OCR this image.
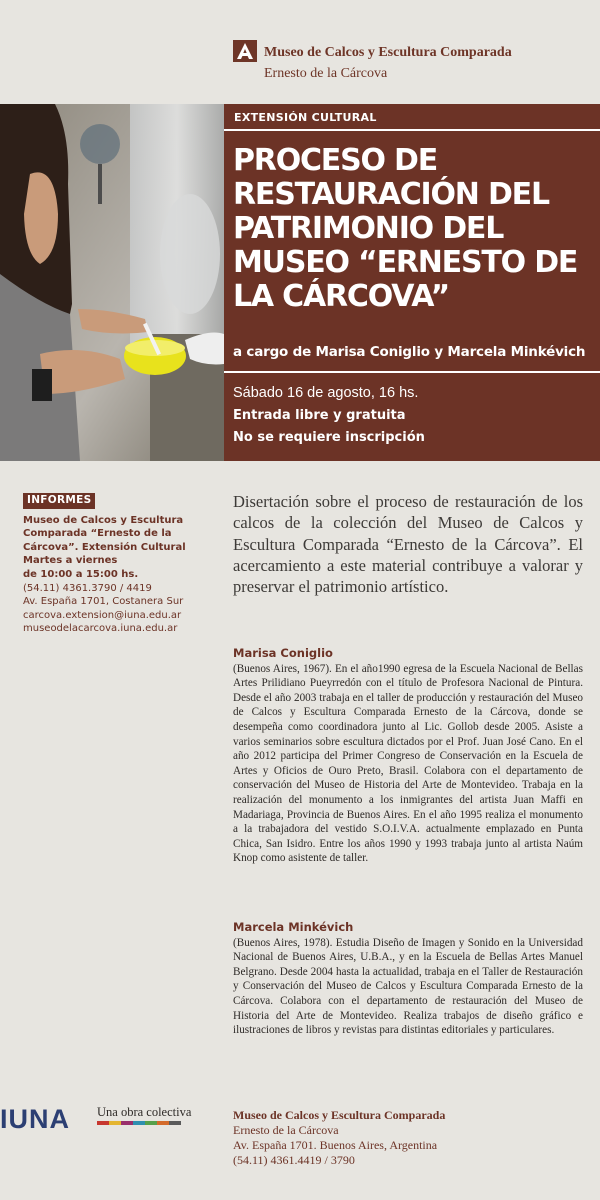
Museo de Calcos y Escultura Comparada
Ernesto de la Cárcova
EXTENSIÓN CULTURAL
PROCESO DE RESTAURACIÓN DEL PATRIMONIO DEL MUSEO “ERNESTO DE LA CÁRCOVA”
a cargo de Marisa Coniglio y Marcela Minkévich
Sábado 16 de agosto, 16 hs.
Entrada libre y gratuita
No se requiere inscripción
INFORMES

Museo de Calcos y Escultura

Comparada “Ernesto de la

Cárcova”. Extensión Cultural

Martes a viernes

de 10:00 a 15:00 hs.

(54.11) 4361.3790 / 4419

Av. España 1701, Costanera Sur

carcova.extension@iuna.edu.ar

museodelacarcova.iuna.edu.ar

Disertación sobre el proceso de restauración de los calcos de la colección del Museo de Calcos y Escultura Comparada “Ernesto de la Cárcova”. El acercamiento a este material contribuye a valorar y preservar el patrimonio artístico.

Marisa Coniglio

(Buenos Aires, 1967). En el año1990 egresa de la Escuela Nacional de Bellas Artes Prilidiano Pueyrredón con el título de Profesora Nacional de Pintura. Desde el año 2003 trabaja en el taller de producción y restauración del Museo de Calcos y Escultura Comparada Ernesto de la Cárcova, donde se desempeña como coordinadora junto al Lic. Gollob desde 2005. Asiste a varios seminarios sobre escultura dictados por el Prof. Juan José Cano. En el año 2012 participa del Primer Congreso de Conservación en la Escuela de Artes y Oficios de Ouro Preto, Brasil. Colabora con el departamento de conservación del Museo de Historia del Arte de Montevideo. Trabaja en la realización del monumento a los inmigrantes del artista Juan Maffi en Madariaga, Provincia de Buenos Aires. En el año 1995 realiza el monumento a la trabajadora del vestido S.O.I.V.A. actualmente emplazado en Punta Chica, San Isidro. Entre los años 1990 y 1993 trabaja junto al artista Naúm Knop como asistente de taller.

Marcela Minkévich

(Buenos Aires, 1978). Estudia Diseño de Imagen y Sonido en la Universidad Nacional de Buenos Aires, U.B.A., y en la Escuela de Bellas Artes Manuel Belgrano. Desde 2004 hasta la actualidad, trabaja en el Taller de Restauración y Conservación del Museo de Calcos y Escultura Comparada Ernesto de la Cárcova. Colabora con el departamento de restauración del Museo de Historia del Arte de Montevideo. Realiza trabajos de diseño gráfico e ilustraciones de libros y revistas para distintas editoriales y particulares.

IUNA Una obra colectiva	Museo de Calcos y Escultura Comparada

Ernesto de la Cárcova

Av. España 1701. Buenos Aires, Argentina

(54.11) 4361.4419 / 3790
